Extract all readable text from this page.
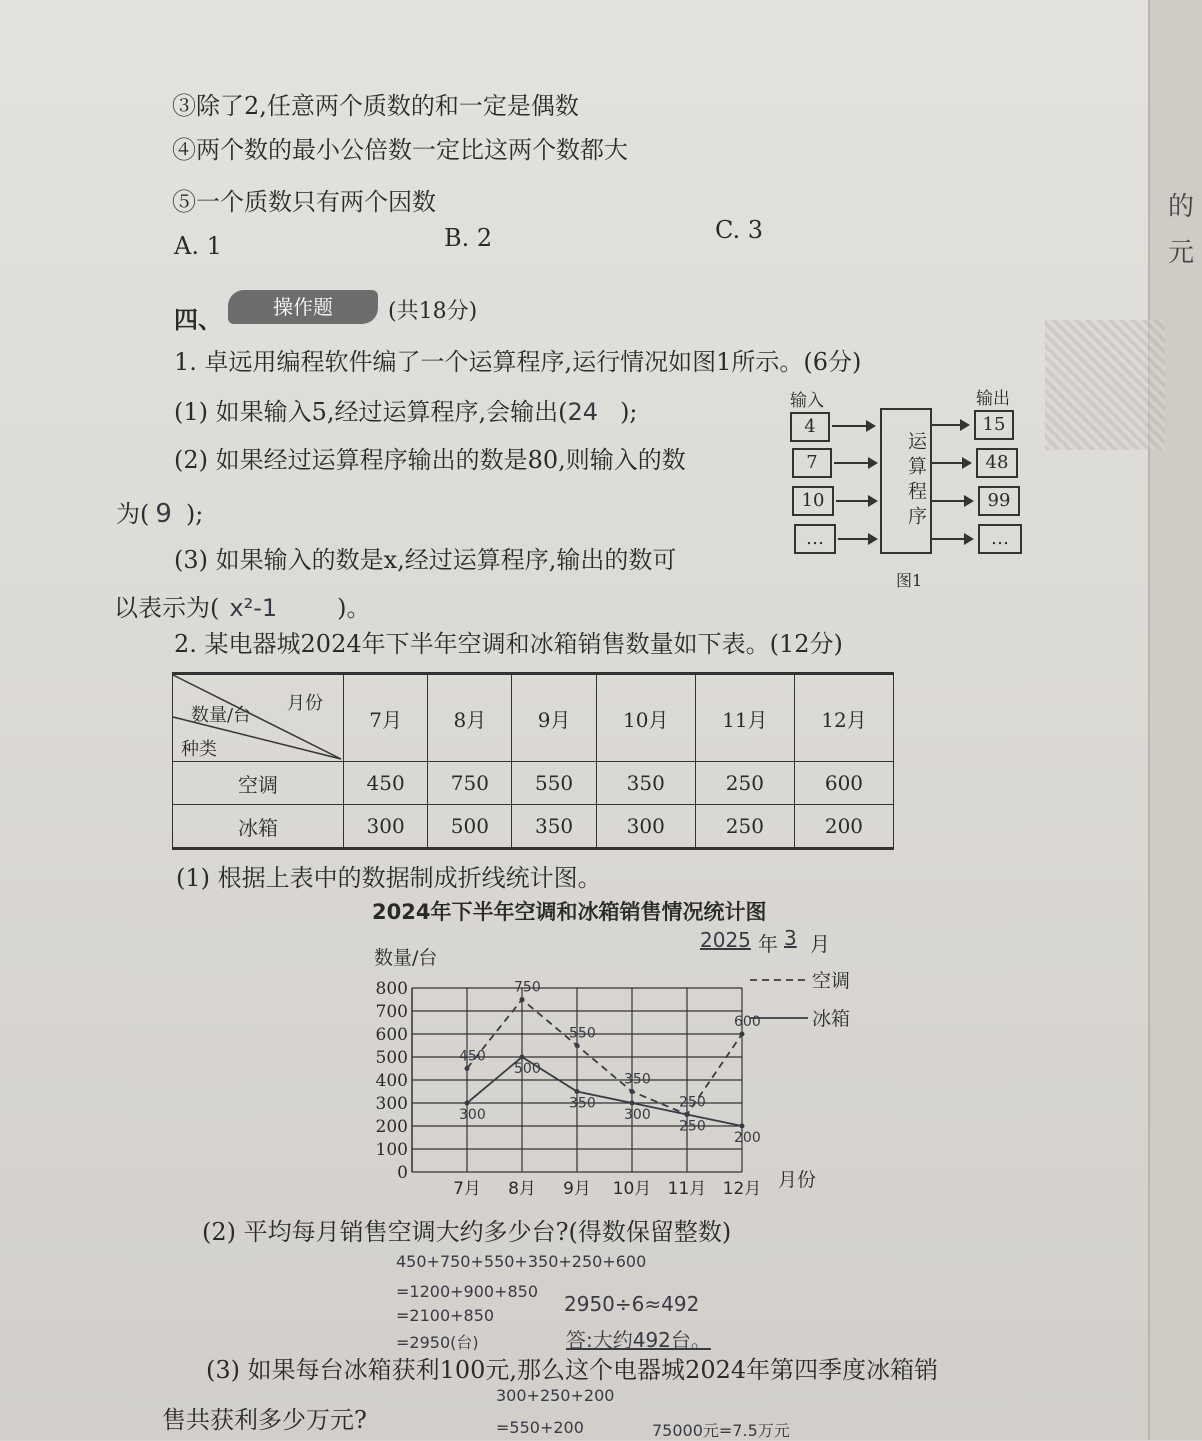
的
元
③除了2,任意两个质数的和一定是偶数
④两个数的最小公倍数一定比这两个数都大
⑤一个质数只有两个因数
A. 1	B. 2	C. 3
四、	操作题	(共18分)
1. 卓远用编程软件编了一个运算程序,运行情况如图1所示。(6分)
(1) 如果输入5,经过运算程序,会输出(24 );
(2) 如果经过运算程序输出的数是80,则输入的数
为( 9 );
(3) 如果输入的数是x,经过运算程序,输出的数可
以表示为( x²-1	)。
输入	输出
4
7
10
…
运算程序
15
48
99
…
图1
2. 某电器城2024年下半年空调和冰箱销售数量如下表。(12分)
月份
数量/台
种类	7月	8月	9月	10月	11月	12月
空调	450	750	550	350	250	600
冰箱	300	500	350	300	250	200
(1) 根据上表中的数据制成折线统计图。
2024年下半年空调和冰箱销售情况统计图
2025 年 3 月
数量/台
月份
800
700
600
500
400
300
200
100
0
7月 8月 9月 10月 11月 12月
450
750
550
350
250
600
300
500
350
300
250
200
空调
冰箱
(2) 平均每月销售空调大约多少台?(得数保留整数)
450+750+550+350+250+600
=1200+900+850
=2100+850
=2950(台)
2950÷6≈492
答:大约492台。
(3) 如果每台冰箱获利100元,那么这个电器城2024年第四季度冰箱销
售共获利多少万元?
300+250+200
=550+200	75000元=7.5万元
